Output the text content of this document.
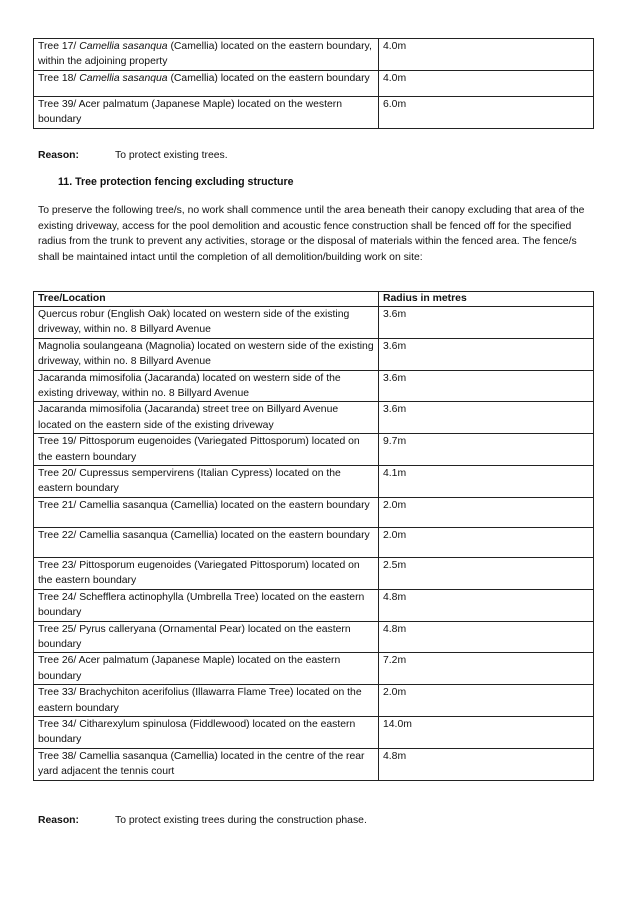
Tree 17/ Camellia sasanqua (Camellia) located on the eastern boundary, within the adjoining property	4.0m
Tree 18/ Camellia sasanqua (Camellia) located on the eastern boundary	4.0m
Tree 39/ Acer palmatum (Japanese Maple) located on the western boundary	6.0m
Reason:	To protect existing trees.
11. Tree protection fencing excluding structure
To preserve the following tree/s, no work shall commence until the area beneath their canopy excluding that area of the existing driveway, access for the pool demolition and acoustic fence construction shall be fenced off for the specified radius from the trunk to prevent any activities, storage or the disposal of materials within the fenced area. The fence/s shall be maintained intact until the completion of all demolition/building work on site:
Tree/Location	Radius in metres
Quercus robur (English Oak) located on western side of the existing driveway, within no. 8 Billyard Avenue	3.6m
Magnolia soulangeana (Magnolia) located on western side of the existing driveway, within no. 8 Billyard Avenue	3.6m
Jacaranda mimosifolia (Jacaranda) located on western side of the existing driveway, within no. 8 Billyard Avenue	3.6m
Jacaranda mimosifolia (Jacaranda) street tree on Billyard Avenue located on the eastern side of the existing driveway	3.6m
Tree 19/ Pittosporum eugenoides (Variegated Pittosporum) located on the eastern boundary	9.7m
Tree 20/ Cupressus sempervirens (Italian Cypress) located on the eastern boundary	4.1m
Tree 21/ Camellia sasanqua (Camellia) located on the eastern boundary	2.0m
Tree 22/ Camellia sasanqua (Camellia) located on the eastern boundary	2.0m
Tree 23/ Pittosporum eugenoides (Variegated Pittosporum) located on the eastern boundary	2.5m
Tree 24/ Schefflera actinophylla (Umbrella Tree) located on the eastern boundary	4.8m
Tree 25/ Pyrus calleryana (Ornamental Pear) located on the eastern boundary	4.8m
Tree 26/ Acer palmatum (Japanese Maple) located on the eastern boundary	7.2m
Tree 33/ Brachychiton acerifolius (Illawarra Flame Tree) located on the eastern boundary	2.0m
Tree 34/ Citharexylum spinulosa (Fiddlewood) located on the eastern boundary	14.0m
Tree 38/ Camellia sasanqua (Camellia) located in the centre of the rear yard adjacent the tennis court	4.8m
Reason:	To protect existing trees during the construction phase.
